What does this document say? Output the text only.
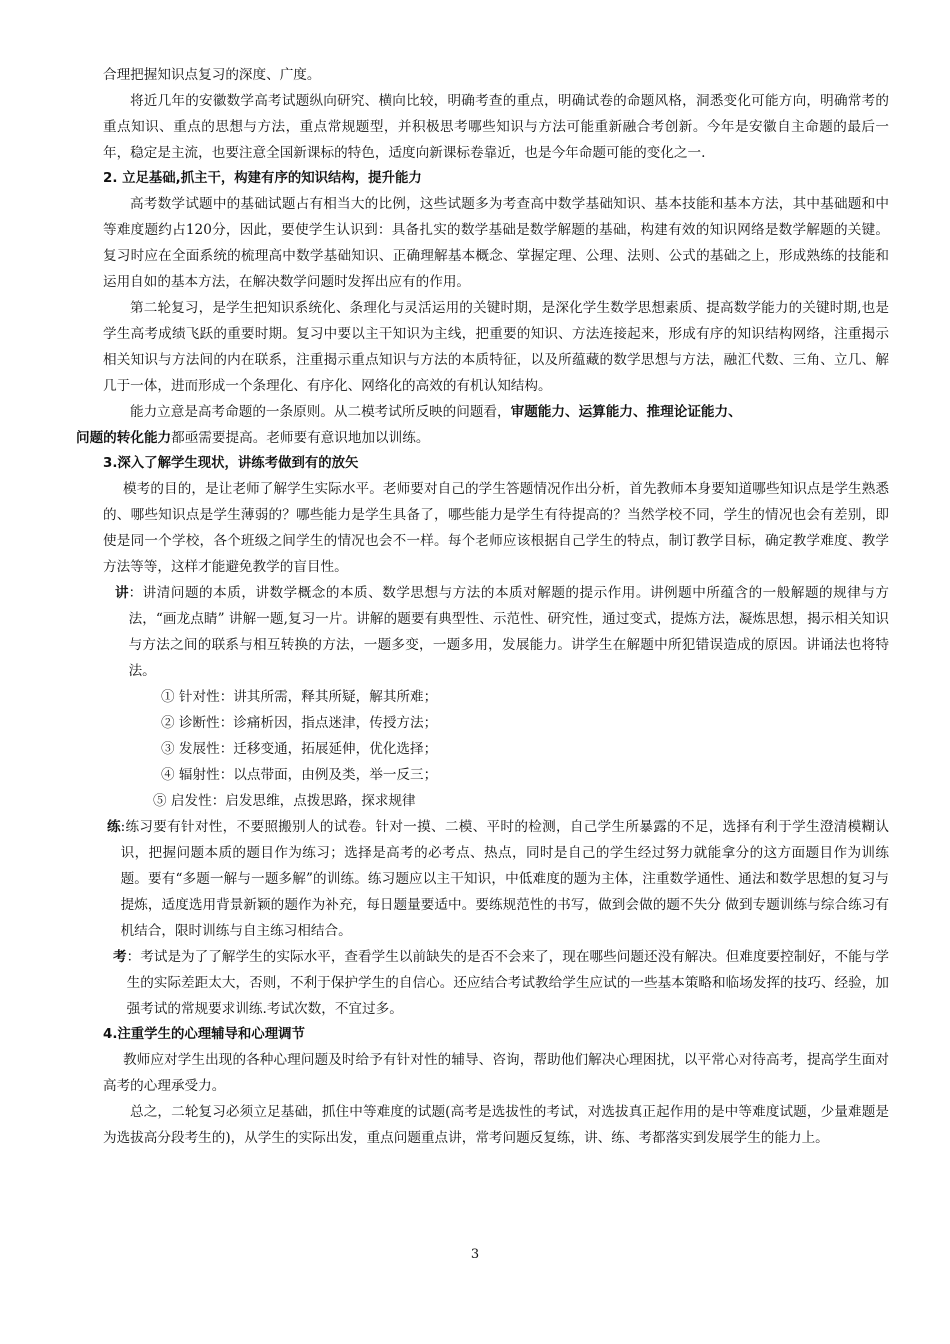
合理把握知识点复习的深度、广度。

将近几年的安徽数学高考试题纵向研究、横向比较，明确考查的重点，明确试卷的命题风格，洞悉变化可能方向，明确常考的重点知识、重点的思想与方法，重点常规题型，并积极思考哪些知识与方法可能重新融合考创新。今年是安徽自主命题的最后一年，稳定是主流，也要注意全国新课标的特色，适度向新课标卷靠近，也是今年命题可能的变化之一.

2. 立足基础,抓主干，构建有序的知识结构，提升能力

高考数学试题中的基础试题占有相当大的比例，这些试题多为考查高中数学基础知识、基本技能和基本方法，其中基础题和中等难度题约占120分，因此，要使学生认识到：具备扎实的数学基础是数学解题的基础，构建有效的知识网络是数学解题的关键。复习时应在全面系统的梳理高中数学基础知识、正确理解基本概念、掌握定理、公理、法则、公式的基础之上，形成熟练的技能和运用自如的基本方法，在解决数学问题时发挥出应有的作用。

第二轮复习，是学生把知识系统化、条理化与灵活运用的关键时期，是深化学生数学思想素质、提高数学能力的关键时期,也是学生高考成绩飞跃的重要时期。复习中要以主干知识为主线，把重要的知识、方法连接起来，形成有序的知识结构网络，注重揭示相关知识与方法间的内在联系，注重揭示重点知识与方法的本质特征，以及所蕴藏的数学思想与方法，融汇代数、三角、立几、解几于一体，进而形成一个条理化、有序化、网络化的高效的有机认知结构。

能力立意是高考命题的一条原则。从二模考试所反映的问题看，审题能力、运算能力、推理论证能力、
问题的转化能力都亟需要提高。老师要有意识地加以训练。

3.深入了解学生现状，讲练考做到有的放矢

模考的目的，是让老师了解学生实际水平。老师要对自己的学生答题情况作出分析，首先教师本身要知道哪些知识点是学生熟悉的、哪些知识点是学生薄弱的？哪些能力是学生具备了，哪些能力是学生有待提高的？当然学校不同，学生的情况也会有差别，即使是同一个学校，各个班级之间学生的情况也会不一样。每个老师应该根据自己学生的特点，制订教学目标，确定教学难度、教学方法等等，这样才能避免教学的盲目性。

讲 ：讲清问题的本质，讲数学概念的本质、数学思想与方法的本质对解题的提示作用。讲例题中所蕴含的一般解题的规律与方法，“画龙点睛” 讲解一题,复习一片。讲解的题要有典型性、示范性、研究性，通过变式，提炼方法，凝炼思想，揭示相关知识与方法之间的联系与相互转换的方法，一题多变，一题多用，发展能力。讲学生在解题中所犯错误造成的原因。讲诵法也将特法。

① 针对性：讲其所需，释其所疑，解其所难；

② 诊断性：诊痛析因，指点迷津，传授方法；

③ 发展性：迁移变通，拓展延伸，优化选择；

④ 辐射性：以点带面，由例及类，举一反三；

⑤ 启发性：启发思维，点拨思路，探求规律

练 :练习要有针对性，不要照搬别人的试卷。针对一摸、二模、平时的检测，自己学生所暴露的不足，选择有利于学生澄清模糊认识，把握问题本质的题目作为练习；选择是高考的必考点、热点，同时是自己的学生经过努力就能拿分的这方面题目作为训练题。要有“多题一解与一题多解”的训练。练习题应以主干知识，中低难度的题为主体，注重数学通性、通法和数学思想的复习与提炼，适度选用背景新颖的题作为补充，每日题量要适中。要练规范性的书写，做到会做的题不失分 做到专题训练与综合练习有机结合，限时训练与自主练习相结合。
考 ：考试是为了了解学生的实际水平，查看学生以前缺失的是否不会来了，现在哪些问题还没有解决。但难度要控制好，不能与学生的实际差距太大，否则，不利于保护学生的自信心。还应结合考试教给学生应试的一些基本策略和临场发挥的技巧、经验，加强考试的常规要求训练.考试次数，不宜过多。

4.注重学生的心理辅导和心理调节

教师应对学生出现的各种心理问题及时给予有针对性的辅导、咨询，帮助他们解决心理困扰，以平常心对待高考，提高学生面对高考的心理承受力。

总之，二轮复习必须立足基础，抓住中等难度的试题(高考是选拔性的考试，对选拔真正起作用的是中等难度试题，少量难题是为选拔高分段考生的)，从学生的实际出发，重点问题重点讲，常考问题反复练，讲、练、考都落实到发展学生的能力上。

3
